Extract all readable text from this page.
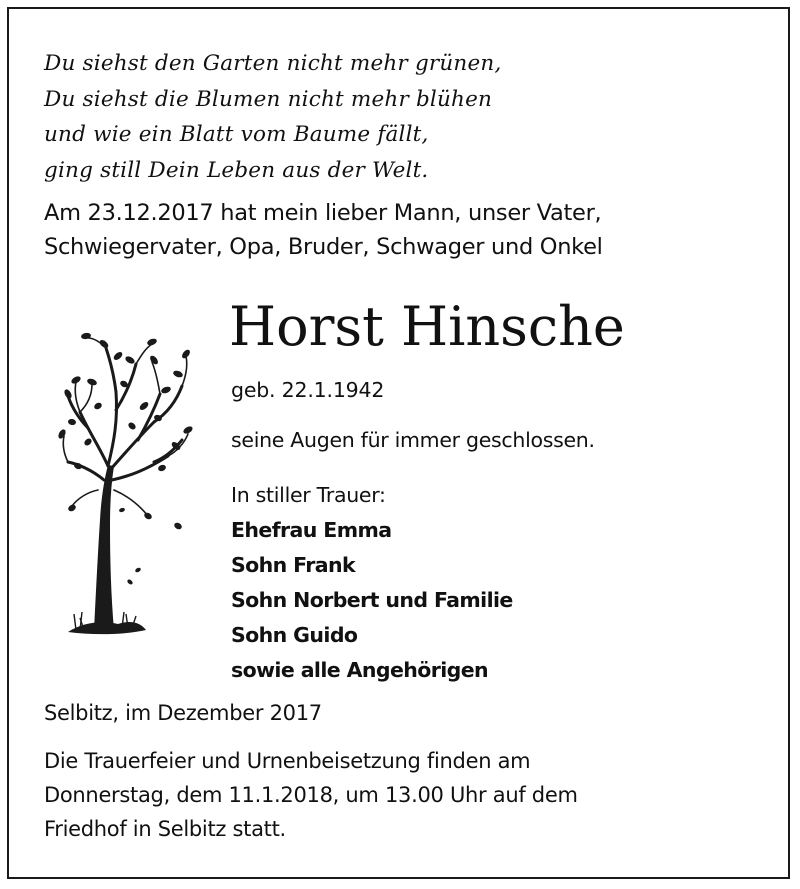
Du siehst den Garten nicht mehr grünen,
Du siehst die Blumen nicht mehr blühen
und wie ein Blatt vom Baume fällt,
ging still Dein Leben aus der Welt.
Am 23.12.2017 hat mein lieber Mann, unser Vater,
Schwiegervater, Opa, Bruder, Schwager und Onkel
Horst Hinsche
geb. 22.1.1942
seine Augen für immer geschlossen.
In stiller Trauer:
Ehefrau Emma
Sohn Frank
Sohn Norbert und Familie
Sohn Guido
sowie alle Angehörigen
Selbitz, im Dezember 2017
Die Trauerfeier und Urnenbeisetzung finden am
Donnerstag, dem 11.1.2018, um 13.00 Uhr auf dem
Friedhof in Selbitz statt.
